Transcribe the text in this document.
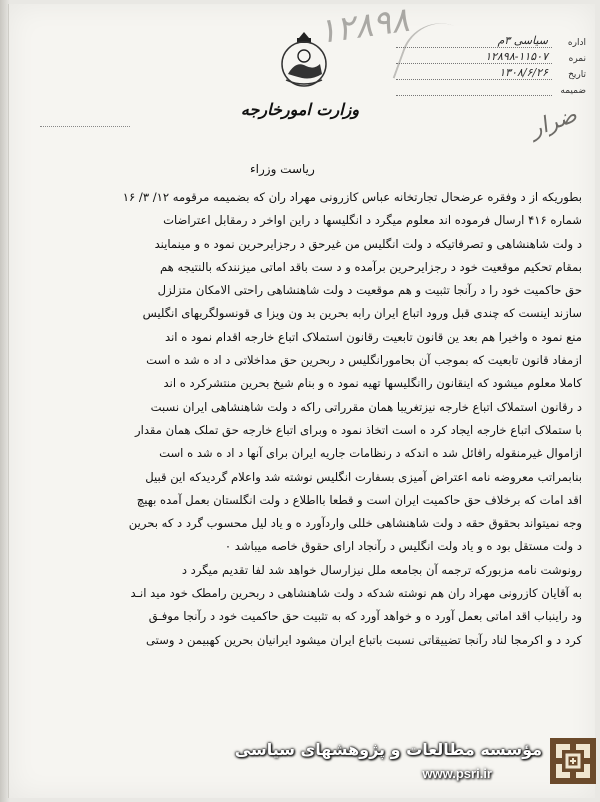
۱۲۸۹۸
ضرار
اداره
سیاسی ۳م
نمره
۱۲۸۹۸-۱۱۵۰۷
تاریخ
۱۳۰۸/۶/۲۶
ضمیمه
وزارت امورخارجه
ریاست وزراء
بطوریکه از د وفقره عرضحال تجارتخانه عباس کازرونی مهراد ران که بضمیمه مرقومه ۱۲/ ۳/ ۱۶
شماره ۴۱۶ ارسال فرموده اند معلوم میگرد د انگلیسها د راین اواخر د رمقابل اعتراضات
د ولت شاهنشاهی و تصرفاتیکه د ولت انگلیس من غیرحق د رجزایرحرین نمود ه و مینمایند
بمقام تحکیم موقعیت خود د رجزایرحرین برآمده و د ست باقد اماتی میزنندکه بالنتیجه هم
حق حاکمیت خود را د رآنجا تثبیت و هم موقعیت د ولت شاهنشاهی راحتی الامکان متزلزل
سازند اینست که چندی قبل ورود اتباع ایران رابه بحرین بد ون ویزا ی قونسولگریهای انگلیس
منع نمود ه واخیرا هم بعد ین قانون تابعیت رقانون استملاک اتباع خارجه اقدام نمود ه اند
ازمفاد قانون تابعیت که بموجب آن بحامورانگلیس د ربحرین حق مداخلاتی د اد ه شد ه است
کاملا معلوم میشود که اینقانون راانگلیسها تهیه نمود ه و بنام شیخ بحرین منتشرکرد ه اند
د رقانون استملاک اتباع خارجه نیزتغریبا همان مقرراتی راکه د ولت شاهنشاهی ایران نسبت
با ستملاک اتباع خارجه ایجاد کرد ه است اتخاذ نمود ه وبرای اتباع خارجه حق تملک همان مقدار
ازاموال غیرمنقوله رافائل شد ه اندکه د رنظامات جاریه ایران برای آنها د اد ه شد ه است
بنابمراتب معروضه نامه اعتراض آمیزی بسفارت انگلیس نوشته شد واعلام گردیدکه این قبیل
اقد امات که برخلاف حق حاکمیت ایران است و قطعا بااطلاع د ولت انگلستان بعمل آمده بهیچ
وجه نمیتواند بحقوق حقه د ولت شاهنشاهی خللی واردآورد ه و یاد لیل محسوب گرد د که بحرین
د ولت مستقل بود ه و یاد ولت انگلیس د رآنجاد ارای حقوق خاصه میباشد ٠
رونوشت نامه مزبورکه ترجمه آن بجامعه ملل نیزارسال خواهد شد لفا تقدیم میگرد د
به آقایان کازرونی مهراد ران هم نوشته شدکه د ولت شاهنشاهی د ربحرین رامطک خود مید انـد
ود راینباب اقد اماتی بعمل آورد ه و خواهد آورد که به تثبیت حق حاکمیت خود د رآنجا موفـق
کرد د و اکرمجا لناد رآنجا تضییقاتی نسبت باتباع ایران میشود ایرانیان بحرین کهبیمن د وستی
مؤسسه مطالعات و پژوهشهای سیاسی
www.psri.ir
